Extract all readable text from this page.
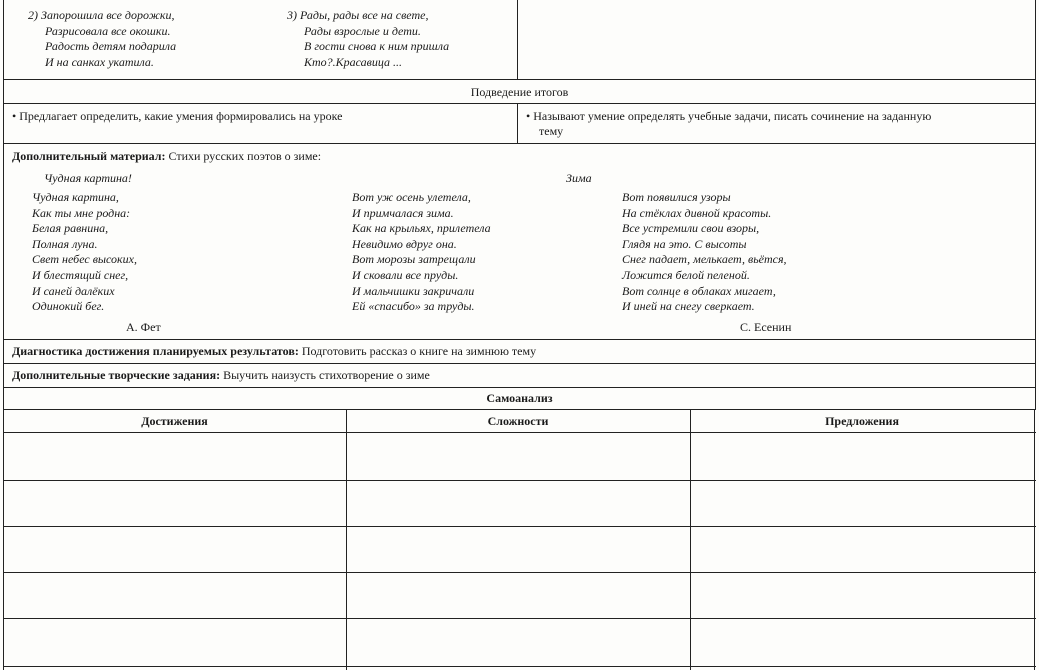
2) Запорошила все дорожки,
Разрисовала все окошки.
Радость детям подарила
И на санках укатила.
3) Рады, рады все на свете,
Рады взрослые и дети.
В гости снова к ним пришла
Кто?.Красавица ...
Подведение итогов
• Предлагает определить, какие умения формировались на уроке
•	Называют умение определять учебные задачи, писать сочинение на заданную
тему
Дополнительный материал: Стихи русских поэтов о зиме:
Чудная картина!
Чудная картина,
Как ты мне родна:
Белая равнина,
Полная луна.
Свет небес высоких,
И блестящий снег,
И саней далёких
Одинокий бег.
А. Фет
Зима
Вот уж осень улетела,
И примчалася зима.
Как на крыльях, прилетела
Невидимо вдруг она.
Вот морозы затрещали
И сковали все пруды.
И мальчишки закричали
Ей «спасибо» за труды.
Вот появилися узоры
На стёклах дивной красоты.
Все устремили свои взоры,
Глядя на это. С высоты
Снег падает, мелькает, вьётся,
Ложится белой пеленой.
Вот солнце в облаках мигает,
И иней на снегу сверкает.
С. Есенин
Диагностика достижения планируемых результатов: Подготовить рассказ о книге на зимнюю тему
Дополнительные творческие задания: Выучить наизусть стихотворение о зиме
Самоанализ
Достижения	Сложности	Предложения
